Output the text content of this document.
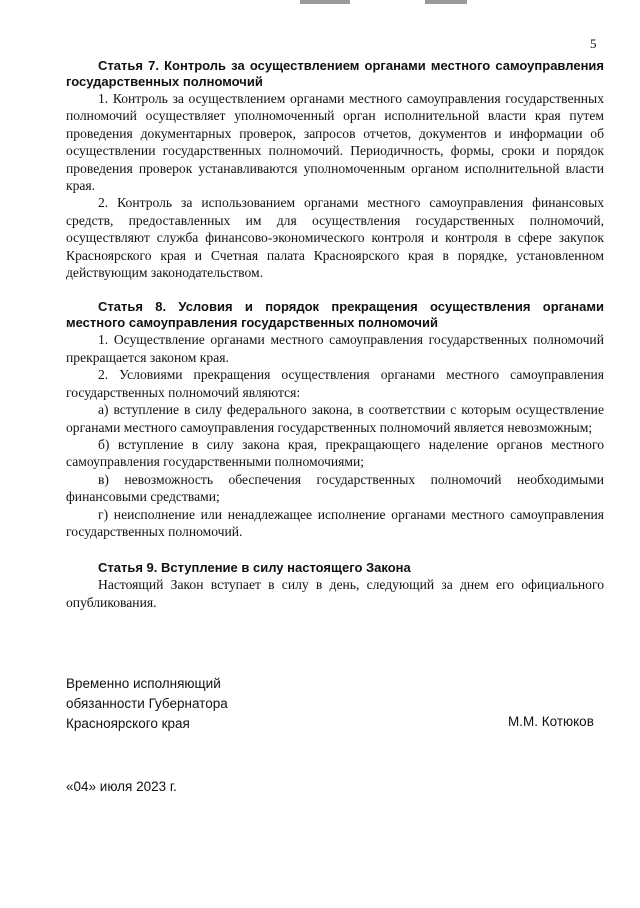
5
Статья 7. Контроль за осуществлением органами местного самоуправления государственных полномочий

1. Контроль за осуществлением органами местного самоуправления государственных полномочий осуществляет уполномоченный орган исполнительной власти края путем проведения документарных проверок, запросов отчетов, документов и информации об осуществлении государственных полномочий. Периодичность, формы, сроки и порядок проведения проверок устанавливаются уполномоченным органом исполнительной власти края.

2. Контроль за использованием органами местного самоуправления финансовых средств, предоставленных им для осуществления государственных полномочий, осуществляют служба финансово-экономического контроля и контроля в сфере закупок Красноярского края и Счетная палата Красноярского края в порядке, установленном действующим законодательством.

Статья 8. Условия и порядок прекращения осуществления органами местного самоуправления государственных полномочий

1. Осуществление органами местного самоуправления государственных полномочий прекращается законом края.

2. Условиями прекращения осуществления органами местного самоуправления государственных полномочий являются:

а) вступление в силу федерального закона, в соответствии с которым осуществление органами местного самоуправления государственных полномочий является невозможным;

б) вступление в силу закона края, прекращающего наделение органов местного самоуправления государственными полномочиями;

в) невозможность обеспечения государственных полномочий необходимыми финансовыми средствами;

г) неисполнение или ненадлежащее исполнение органами местного самоуправления государственных полномочий.

Статья 9. Вступление в силу настоящего Закона

Настоящий Закон вступает в силу в день, следующий за днем его официального опубликования.

Временно исполняющий
обязанности Губернатора
Красноярского края	М.М. Котюков
«04» июля 2023 г.
